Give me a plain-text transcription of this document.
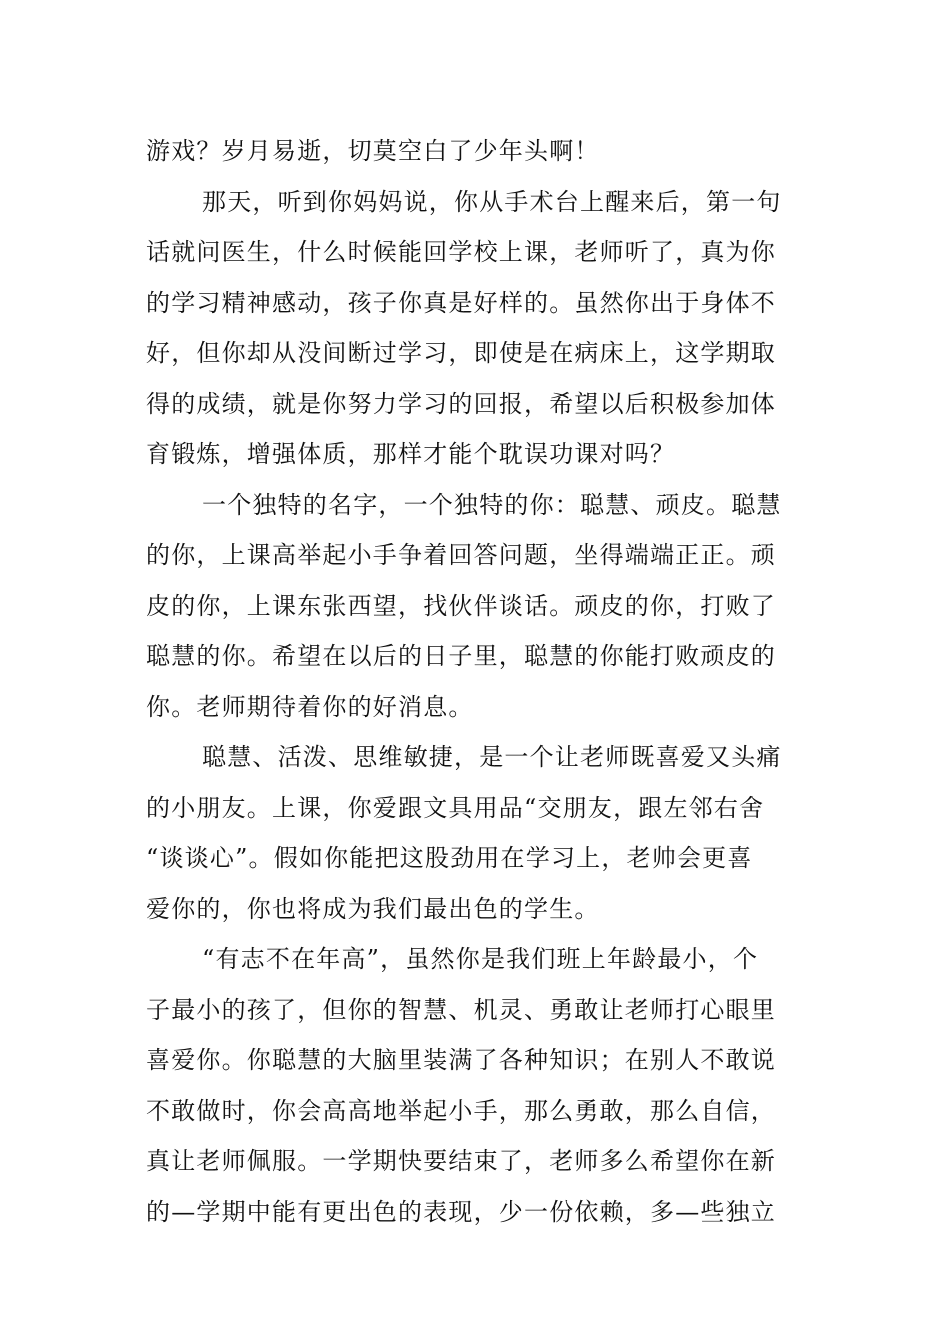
游戏？岁月易逝，切莫空白了少年头啊！
那天，听到你妈妈说，你从手术台上醒来后，第一句
话就问医生，什么时候能回学校上课，老师听了，真为你
的学习精神感动，孩子你真是好样的。虽然你出于身体不
好，但你却从没间断过学习，即使是在病床上，这学期取
得的成绩，就是你努力学习的回报，希望以后积极参加体
育锻炼，增强体质，那样才能个耽误功课对吗？
一个独特的名字，一个独特的你：聪慧、顽皮。聪慧
的你，上课高举起小手争着回答问题，坐得端端正正。顽
皮的你，上课东张西望，找伙伴谈话。顽皮的你，打败了
聪慧的你。希望在以后的日子里，聪慧的你能打败顽皮的
你。老师期待着你的好消息。
聪慧、活泼、思维敏捷，是一个让老师既喜爱又头痛
的小朋友。上课，你爱跟文具用品“交朋友，跟左邻右舍
“谈谈心”。假如你能把这股劲用在学习上，老帅会更喜
爱你的，你也将成为我们最出色的学生。
“有志不在年高”，虽然你是我们班上年龄最小，个
子最小的孩了，但你的智慧、机灵、勇敢让老师打心眼里
喜爱你。你聪慧的大脑里装满了各种知识；在别人不敢说
不敢做时，你会高高地举起小手，那么勇敢，那么自信，
真让老师佩服。一学期快要结束了，老师多么希望你在新
的—学期中能有更出色的表现，少一份依赖，多—些独立
